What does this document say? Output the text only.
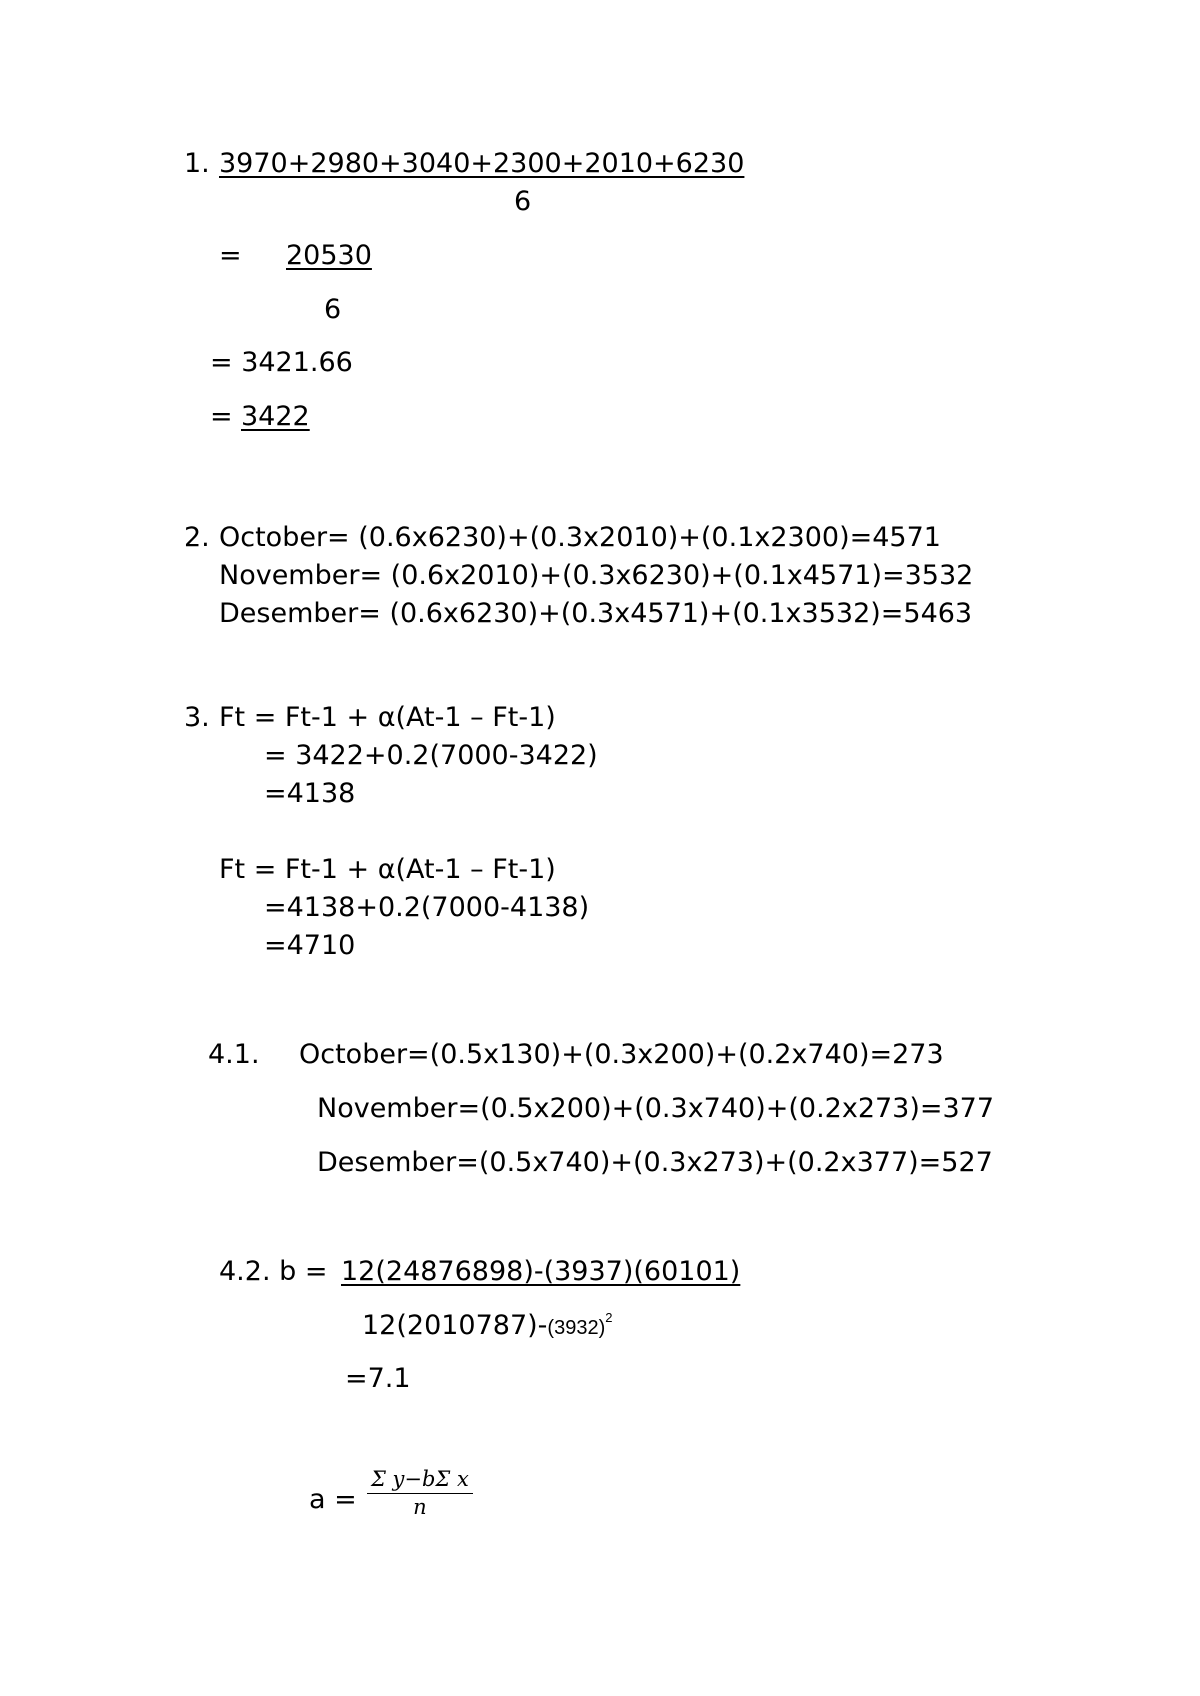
1. 3970+2980+3040+2300+2010+6230
6
= 20530
6
= 3421.66
= 3422
2. October= (0.6x6230)+(0.3x2010)+(0.1x2300)=4571
November= (0.6x2010)+(0.3x6230)+(0.1x4571)=3532
Desember= (0.6x6230)+(0.3x4571)+(0.1x3532)=5463
3. Ft = Ft-1 + α(At-1 – Ft-1)
= 3422+0.2(7000-3422)
=4138
Ft = Ft-1 + α(At-1 – Ft-1)
=4138+0.2(7000-4138)
=4710
4.1. October=(0.5x130)+(0.3x200)+(0.2x740)=273
November=(0.5x200)+(0.3x740)+(0.2x273)=377
Desember=(0.5x740)+(0.3x273)+(0.2x377)=527
4.2. b = 12(24876898)-(3937)(60101)
$12(2010787)-(3932)^2$
=7.1
$a = \frac{\text{Σ y−bΣ x}}{n}$
